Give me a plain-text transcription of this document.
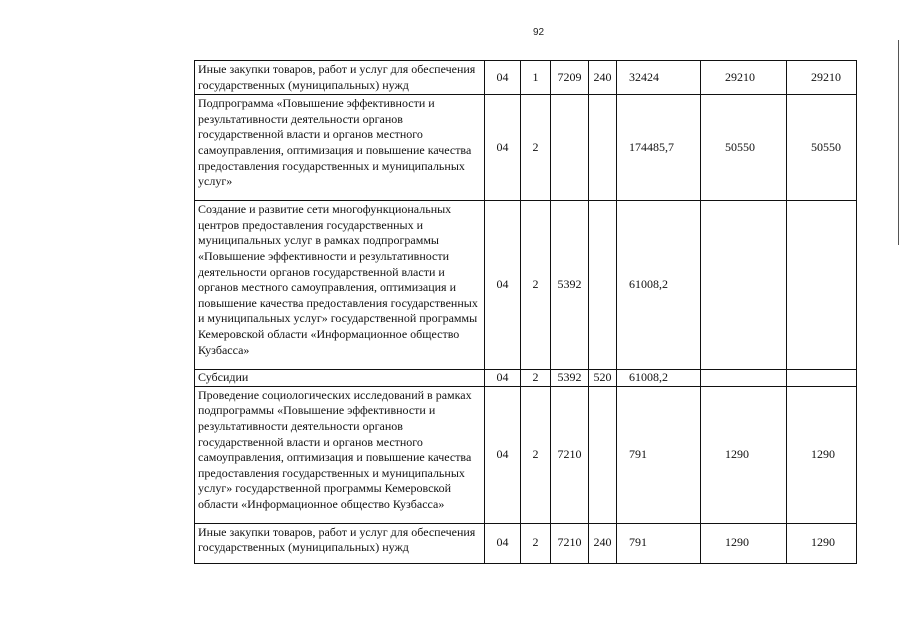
92
Иные закупки товаров, работ и услуг для обеспечения государственных (муниципальных) нужд	04	1	7209	240	32424	29210	29210
Подпрограмма «Повышение эффективности и результативности деятельности органов государственной власти и органов местного самоуправления, оптимизация и повышение качества предоставления государственных и муниципальных услуг»	04	2			174485,7	50550	50550
Создание и развитие сети многофункциональных центров предоставления государственных и муниципальных услуг в рамках подпрограммы «Повышение эффективности и результативности деятельности органов государственной власти и органов местного самоуправления, оптимизация и повышение качества предоставления государственных и муниципальных услуг» государственной программы Кемеровской области «Информационное общество Кузбасса»	04	2	5392		61008,2		
Субсидии	04	2	5392	520	61008,2		
Проведение социологических исследований в рамках подпрограммы «Повышение эффективности и результативности деятельности органов государственной власти и органов местного самоуправления, оптимизация и повышение качества предоставления государственных и муниципальных услуг» государственной программы Кемеровской области «Информационное общество Кузбасса»	04	2	7210		791	1290	1290
Иные закупки товаров, работ и услуг для обеспечения государственных (муниципальных) нужд	04	2	7210	240	791	1290	1290
